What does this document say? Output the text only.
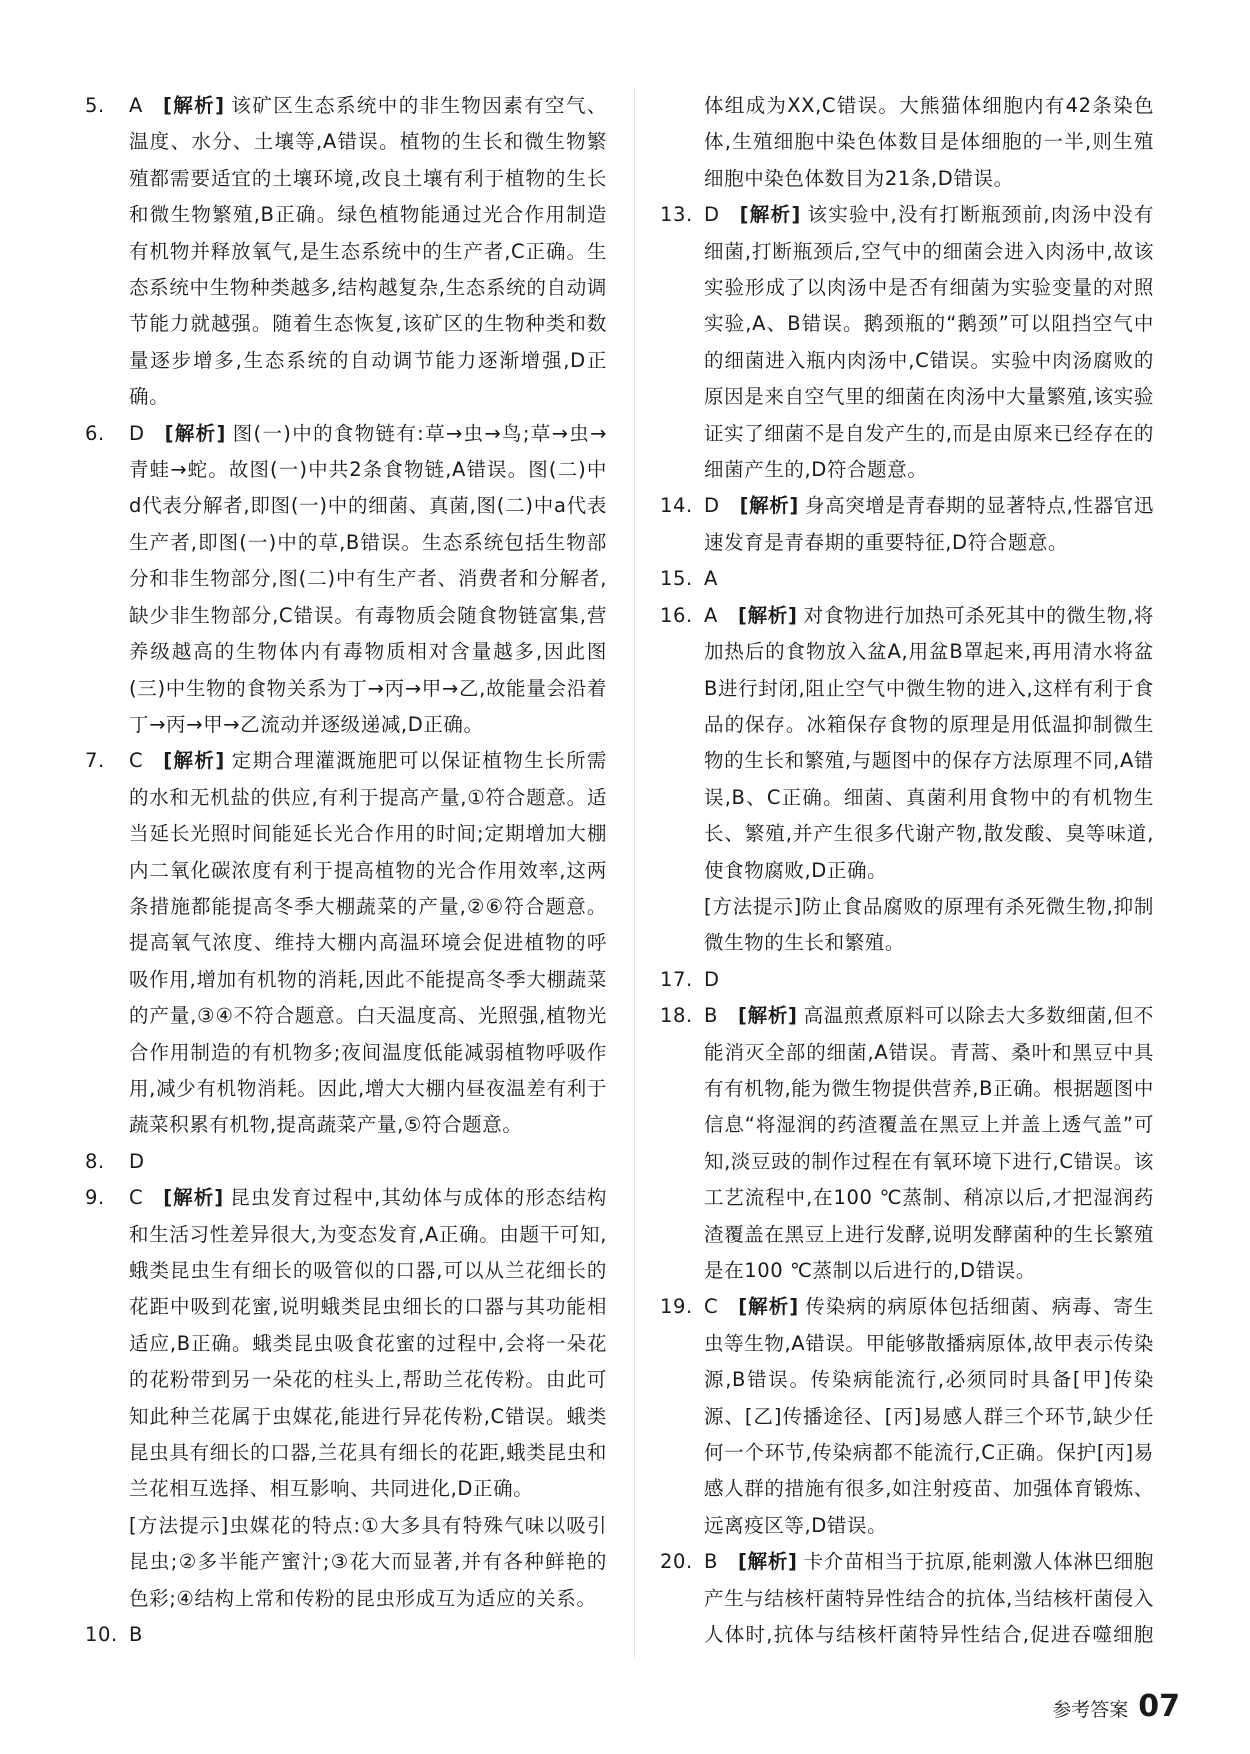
5. A [解析] 该矿区生态系统中的非生物因素有空气、温度、水分、土壤等,A错误。植物的生长和微生物繁殖都需要适宜的土壤环境,改良土壤有利于植物的生长和微生物繁殖,B正确。绿色植物能通过光合作用制造有机物并释放氧气,是生态系统中的生产者,C正确。生态系统中生物种类越多,结构越复杂,生态系统的自动调节能力就越强。随着生态恢复,该矿区的生物种类和数量逐步增多,生态系统的自动调节能力逐渐增强,D正确。
6. D [解析] 图(一)中的食物链有:草→虫→鸟;草→虫→青蛙→蛇。故图(一)中共2条食物链,A错误。图(二)中d代表分解者,即图(一)中的细菌、真菌,图(二)中a代表生产者,即图(一)中的草,B错误。生态系统包括生物部分和非生物部分,图(二)中有生产者、消费者和分解者,缺少非生物部分,C错误。有毒物质会随食物链富集,营养级越高的生物体内有毒物质相对含量越多,因此图(三)中生物的食物关系为丁→丙→甲→乙,故能量会沿着丁→丙→甲→乙流动并逐级递减,D正确。
7. C [解析] 定期合理灌溉施肥可以保证植物生长所需的水和无机盐的供应,有利于提高产量,①符合题意。适当延长光照时间能延长光合作用的时间;定期增加大棚内二氧化碳浓度有利于提高植物的光合作用效率,这两条措施都能提高冬季大棚蔬菜的产量,②⑥符合题意。提高氧气浓度、维持大棚内高温环境会促进植物的呼吸作用,增加有机物的消耗,因此不能提高冬季大棚蔬菜的产量,③④不符合题意。白天温度高、光照强,植物光合作用制造的有机物多;夜间温度低能减弱植物呼吸作用,减少有机物消耗。因此,增大大棚内昼夜温差有利于蔬菜积累有机物,提高蔬菜产量,⑤符合题意。
8. D
9. C [解析] 昆虫发育过程中,其幼体与成体的形态结构和生活习性差异很大,为变态发育,A正确。由题干可知,蛾类昆虫生有细长的吸管似的口器,可以从兰花细长的花距中吸到花蜜,说明蛾类昆虫细长的口器与其功能相适应,B正确。蛾类昆虫吸食花蜜的过程中,会将一朵花的花粉带到另一朵花的柱头上,帮助兰花传粉。由此可知此种兰花属于虫媒花,能进行异花传粉,C错误。蛾类昆虫具有细长的口器,兰花具有细长的花距,蛾类昆虫和兰花相互选择、相互影响、共同进化,D正确。
[方法提示]虫媒花的特点:①大多具有特殊气味以吸引昆虫;②多半能产蜜汁;③花大而显著,并有各种鲜艳的色彩;④结构上常和传粉的昆虫形成互为适应的关系。
10. B
体组成为XX,C错误。大熊猫体细胞内有42条染色体,生殖细胞中染色体数目是体细胞的一半,则生殖细胞中染色体数目为21条,D错误。
13. D [解析] 该实验中,没有打断瓶颈前,肉汤中没有细菌,打断瓶颈后,空气中的细菌会进入肉汤中,故该实验形成了以肉汤中是否有细菌为实验变量的对照实验,A、B错误。鹅颈瓶的“鹅颈”可以阻挡空气中的细菌进入瓶内肉汤中,C错误。实验中肉汤腐败的原因是来自空气里的细菌在肉汤中大量繁殖,该实验证实了细菌不是自发产生的,而是由原来已经存在的细菌产生的,D符合题意。
14. D [解析] 身高突增是青春期的显著特点,性器官迅速发育是青春期的重要特征,D符合题意。
15. A
16. A [解析] 对食物进行加热可杀死其中的微生物,将加热后的食物放入盆A,用盆B罩起来,再用清水将盆B进行封闭,阻止空气中微生物的进入,这样有利于食品的保存。冰箱保存食物的原理是用低温抑制微生物的生长和繁殖,与题图中的保存方法原理不同,A错误,B、C正确。细菌、真菌利用食物中的有机物生长、繁殖,并产生很多代谢产物,散发酸、臭等味道,使食物腐败,D正确。
[方法提示]防止食品腐败的原理有杀死微生物,抑制微生物的生长和繁殖。
17. D
18. B [解析] 高温煎煮原料可以除去大多数细菌,但不能消灭全部的细菌,A错误。青蒿、桑叶和黑豆中具有有机物,能为微生物提供营养,B正确。根据题图中信息“将湿润的药渣覆盖在黑豆上并盖上透气盖”可知,淡豆豉的制作过程在有氧环境下进行,C错误。该工艺流程中,在100 ℃蒸制、稍凉以后,才把湿润药渣覆盖在黑豆上进行发酵,说明发酵菌种的生长繁殖是在100 ℃蒸制以后进行的,D错误。
19. C [解析] 传染病的病原体包括细菌、病毒、寄生虫等生物,A错误。甲能够散播病原体,故甲表示传染源,B错误。传染病能流行,必须同时具备[甲]传染源、[乙]传播途径、[丙]易感人群三个环节,缺少任何一个环节,传染病都不能流行,C正确。保护[丙]易感人群的措施有很多,如注射疫苗、加强体育锻炼、远离疫区等,D错误。
20. B [解析] 卡介苗相当于抗原,能刺激人体淋巴细胞产生与结核杆菌特异性结合的抗体,当结核杆菌侵入人体时,抗体与结核杆菌特异性结合,促进吞噬细胞
参考答案 07
